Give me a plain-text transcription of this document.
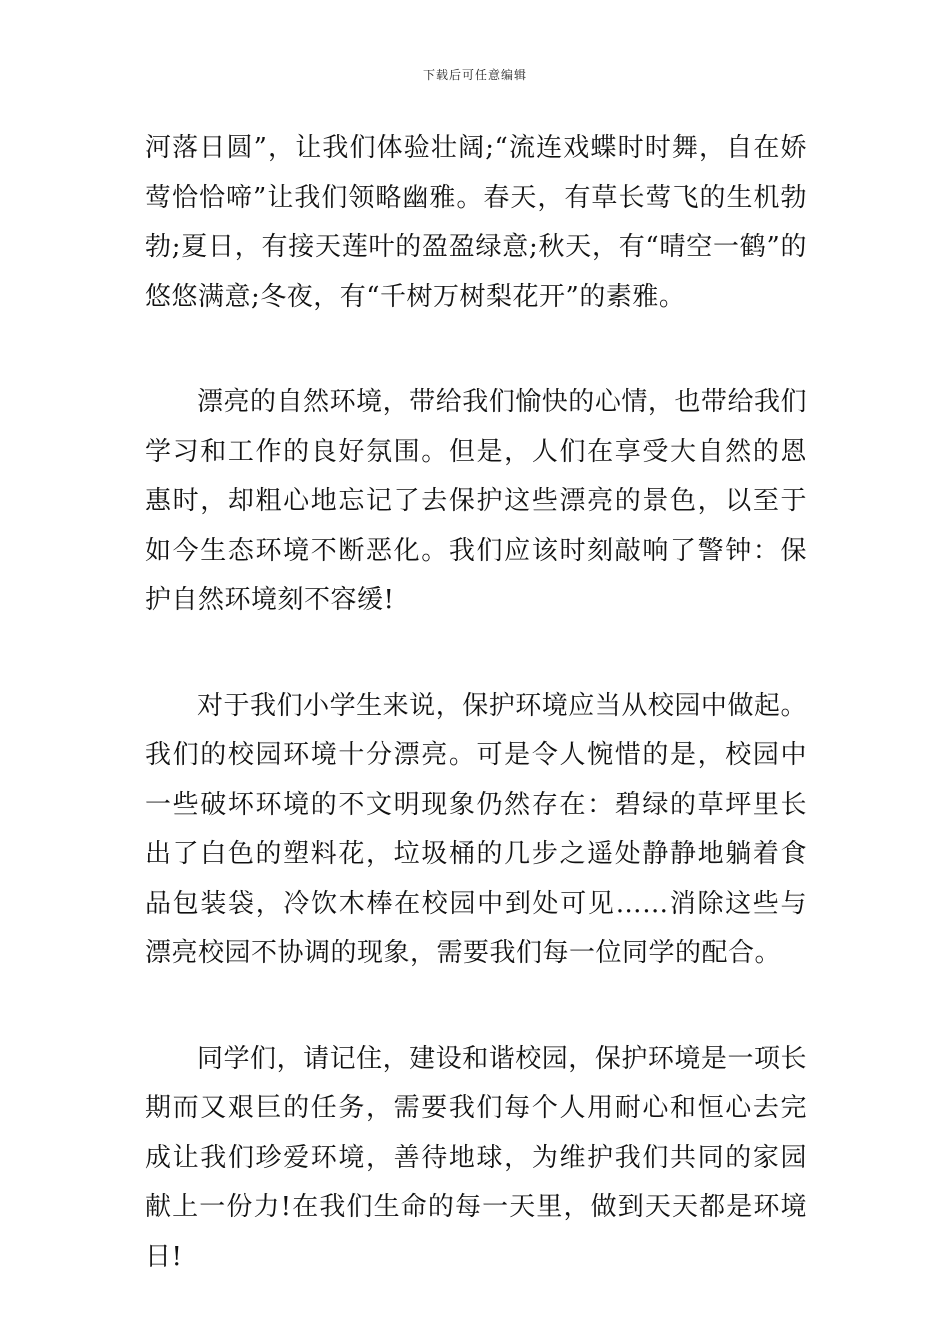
下载后可任意编辑

河落日圆”，让我们体验壮阔;“流连戏蝶时时舞，自在娇莺恰恰啼”让我们领略幽雅。春天，有草长莺飞的生机勃勃;夏日，有接天莲叶的盈盈绿意;秋天，有“晴空一鹤”的悠悠满意;冬夜，有“千树万树梨花开”的素雅。

漂亮的自然环境，带给我们愉快的心情，也带给我们学习和工作的良好氛围。但是，人们在享受大自然的恩惠时，却粗心地忘记了去保护这些漂亮的景色，以至于如今生态环境不断恶化。我们应该时刻敲响了警钟：保护自然环境刻不容缓!

对于我们小学生来说，保护环境应当从校园中做起。我们的校园环境十分漂亮。可是令人惋惜的是，校园中一些破坏环境的不文明现象仍然存在：碧绿的草坪里长出了白色的塑料花，垃圾桶的几步之遥处静静地躺着食品包装袋，冷饮木棒在校园中到处可见……消除这些与漂亮校园不协调的现象，需要我们每一位同学的配合。

同学们，请记住，建设和谐校园，保护环境是一项长期而又艰巨的任务，需要我们每个人用耐心和恒心去完成让我们珍爱环境，善待地球，为维护我们共同的家园献上一份力!在我们生命的每一天里，做到天天都是环境日!
